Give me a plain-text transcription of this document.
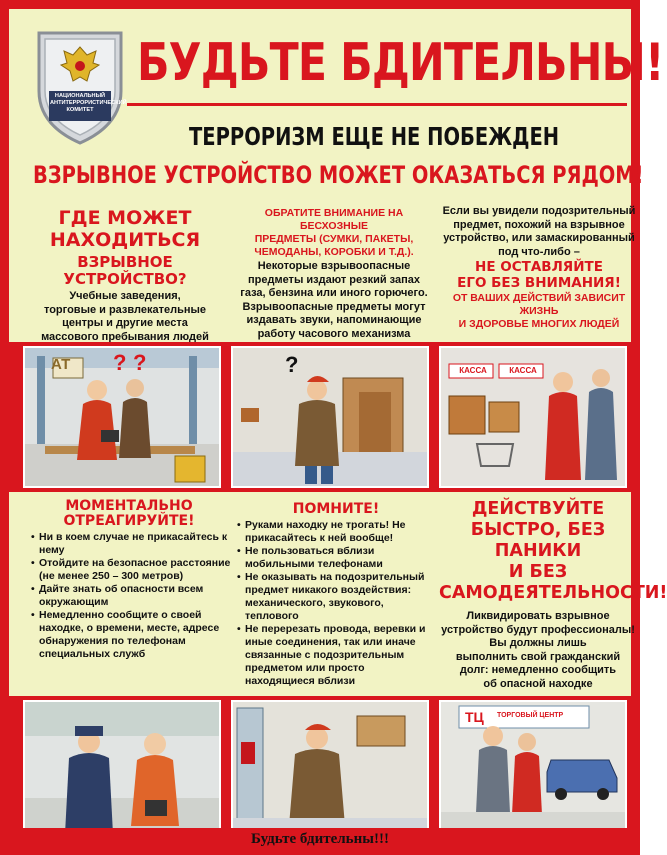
НАЦИОНАЛЬНЫЙ АНТИТЕРРОРИСТИЧЕСКИЙ КОМИТЕТ
БУДЬТЕ БДИТЕЛЬНЫ!
ТЕРРОРИЗМ ЕЩЕ НЕ ПОБЕЖДЕН
ВЗРЫВНОЕ УСТРОЙСТВО МОЖЕТ ОКАЗАТЬСЯ РЯДОМ!
ГДЕ МОЖЕТ
НАХОДИТЬСЯ
ВЗРЫВНОЕ УСТРОЙСТВО?
Учебные заведения,
торговые и развлекательные
центры и другие места
массового пребывания людей
ОБРАТИТЕ ВНИМАНИЕ НА БЕСХОЗНЫЕ
ПРЕДМЕТЫ (СУМКИ, ПАКЕТЫ,
ЧЕМОДАНЫ, КОРОБКИ И Т.Д.).
Некоторые взрывоопасные
предметы издают резкий запах
газа, бензина или иного горючего.
Взрывоопасные предметы могут
издавать звуки, напоминающие
работу часового механизма
Если вы увидели подозрительный
предмет, похожий на взрывное
устройство, или замаскированный
под что-либо –
НЕ ОСТАВЛЯЙТЕ
ЕГО БЕЗ ВНИМАНИЯ!
ОТ ВАШИХ ДЕЙСТВИЙ ЗАВИСИТ ЖИЗНЬ
И ЗДОРОВЬЕ МНОГИХ ЛЮДЕЙ
АТ ? ?	?	КАССА	КАССА
МОМЕНТАЛЬНО
ОТРЕАГИРУЙТЕ!
• Ни в коем случае не прикасайтесь к нему
• Отойдите на безопасное расстояние (не менее 250 – 300 метров)
• Дайте знать об опасности всем окружающим
• Немедленно сообщите о своей находке, о времени, месте, адресе обнаружения по телефонам специальных служб
ПОМНИТЕ!
• Руками находку не трогать! Не прикасайтесь к ней вообще!
• Не пользоваться вблизи мобильными телефонами
• Не оказывать на подозрительный предмет никакого воздействия: механического, звукового, теплового
• Не перерезать провода, веревки и иные соединения, так или иначе связанные с подозрительным предметом или просто находящиеся вблизи
ДЕЙСТВУЙТЕ
БЫСТРО, БЕЗ ПАНИКИ
И БЕЗ
САМОДЕЯТЕЛЬНОСТИ!
Ликвидировать взрывное
устройство будут профессионалы!
Вы должны лишь
выполнить свой гражданский
долг: немедленно сообщить
об опасной находке
ТЦ ТОРГОВЫЙ ЦЕНТР
Будьте бдительны!!!
